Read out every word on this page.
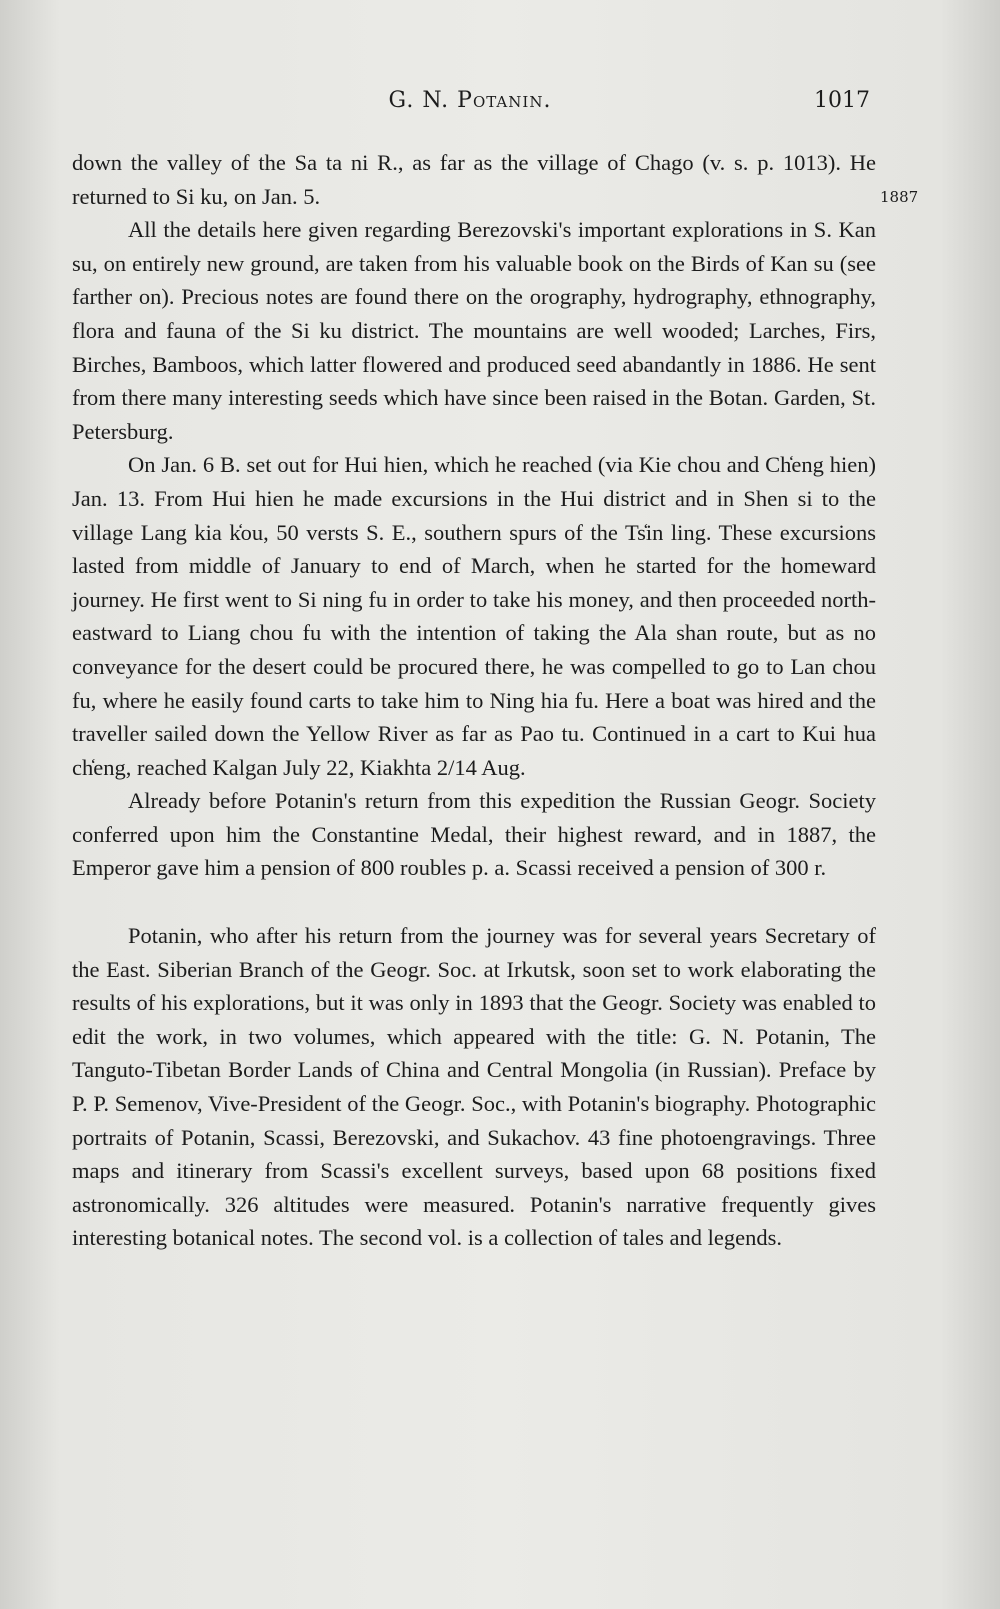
G. N. Potanin.	1017
1887

down the valley of the Sa ta ni R., as far as the village of Chago (v. s. p. 1013). He returned to Si ku, on Jan. 5.

All the details here given regarding Berezovski's important explorations in S. Kan su, on entirely new ground, are taken from his valuable book on the Birds of Kan su (see farther on). Precious notes are found there on the orography, hydrography, ethnography, flora and fauna of the Si ku district. The mountains are well wooded; Larches, Firs, Birches, Bamboos, which latter flowered and produced seed abandantly in 1886. He sent from there many interesting seeds which have since been raised in the Botan. Garden, St. Petersburg.

On Jan. 6 B. set out for Hui hien, which he reached (via Kie chou and Ch̒eng hien) Jan. 13. From Hui hien he made excursions in the Hui district and in Shen si to the village Lang kia k̒ou, 50 versts S. E., southern spurs of the Ts̒in ling. These excursions lasted from middle of January to end of March, when he started for the homeward journey. He first went to Si ning fu in order to take his money, and then proceeded north-eastward to Liang chou fu with the intention of taking the Ala shan route, but as no conveyance for the desert could be procured there, he was compelled to go to Lan chou fu, where he easily found carts to take him to Ning hia fu. Here a boat was hired and the traveller sailed down the Yellow River as far as Pao tu. Continued in a cart to Kui hua ch̒eng, reached Kalgan July 22, Kiakhta 2/14 Aug.

Already before Potanin's return from this expedition the Russian Geogr. Society conferred upon him the Constantine Medal, their highest reward, and in 1887, the Emperor gave him a pension of 800 roubles p. a. Scassi received a pension of 300 r.

Potanin, who after his return from the journey was for several years Secretary of the East. Siberian Branch of the Geogr. Soc. at Irkutsk, soon set to work elaborating the results of his explorations, but it was only in 1893 that the Geogr. Society was enabled to edit the work, in two volumes, which appeared with the title: G. N. Potanin, The Tanguto-Tibetan Border Lands of China and Central Mongolia (in Russian). Preface by P. P. Semenov, Vive-President of the Geogr. Soc., with Potanin's biography. Photographic portraits of Potanin, Scassi, Berezovski, and Sukachov. 43 fine photoengravings. Three maps and itinerary from Scassi's excellent surveys, based upon 68 positions fixed astronomically. 326 altitudes were measured. Potanin's narrative frequently gives interesting botanical notes. The second vol. is a collection of tales and legends.
